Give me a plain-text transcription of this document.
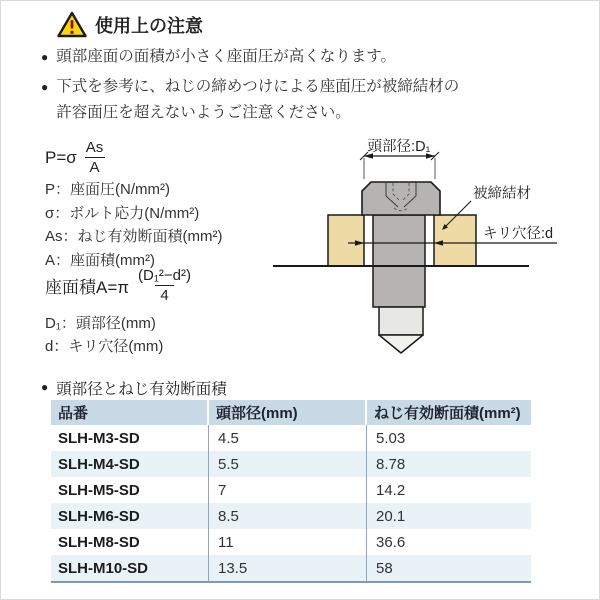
使用上の注意
● 頭部座面の面積が小さく座面圧が高くなります。
● 下式を参考に、ねじの締めつけによる座面圧が被締結材の許容面圧を超えないようご注意ください。
$P=\sigma \frac{As}{A}$
P：座面圧(N/mm²)
σ：ボルト応力(N/mm²)
As：ねじ有効断面積(mm²)
A：座面積(mm²)
座面積$A=\pi \frac{\text{(D₁²−d²)}}{4}$
D₁：頭部径(mm)
d：キリ穴径(mm)
頭部径:D₁
キリ穴径:d
被締結材
● 頭部径とねじ有効断面積
品番	頭部径(mm)	ねじ有効断面積(mm²)
SLH-M3-SD	4.5	5.03
SLH-M4-SD	5.5	8.78
SLH-M5-SD	7	14.2
SLH-M6-SD	8.5	20.1
SLH-M8-SD	11	36.6
SLH-M10-SD	13.5	58
